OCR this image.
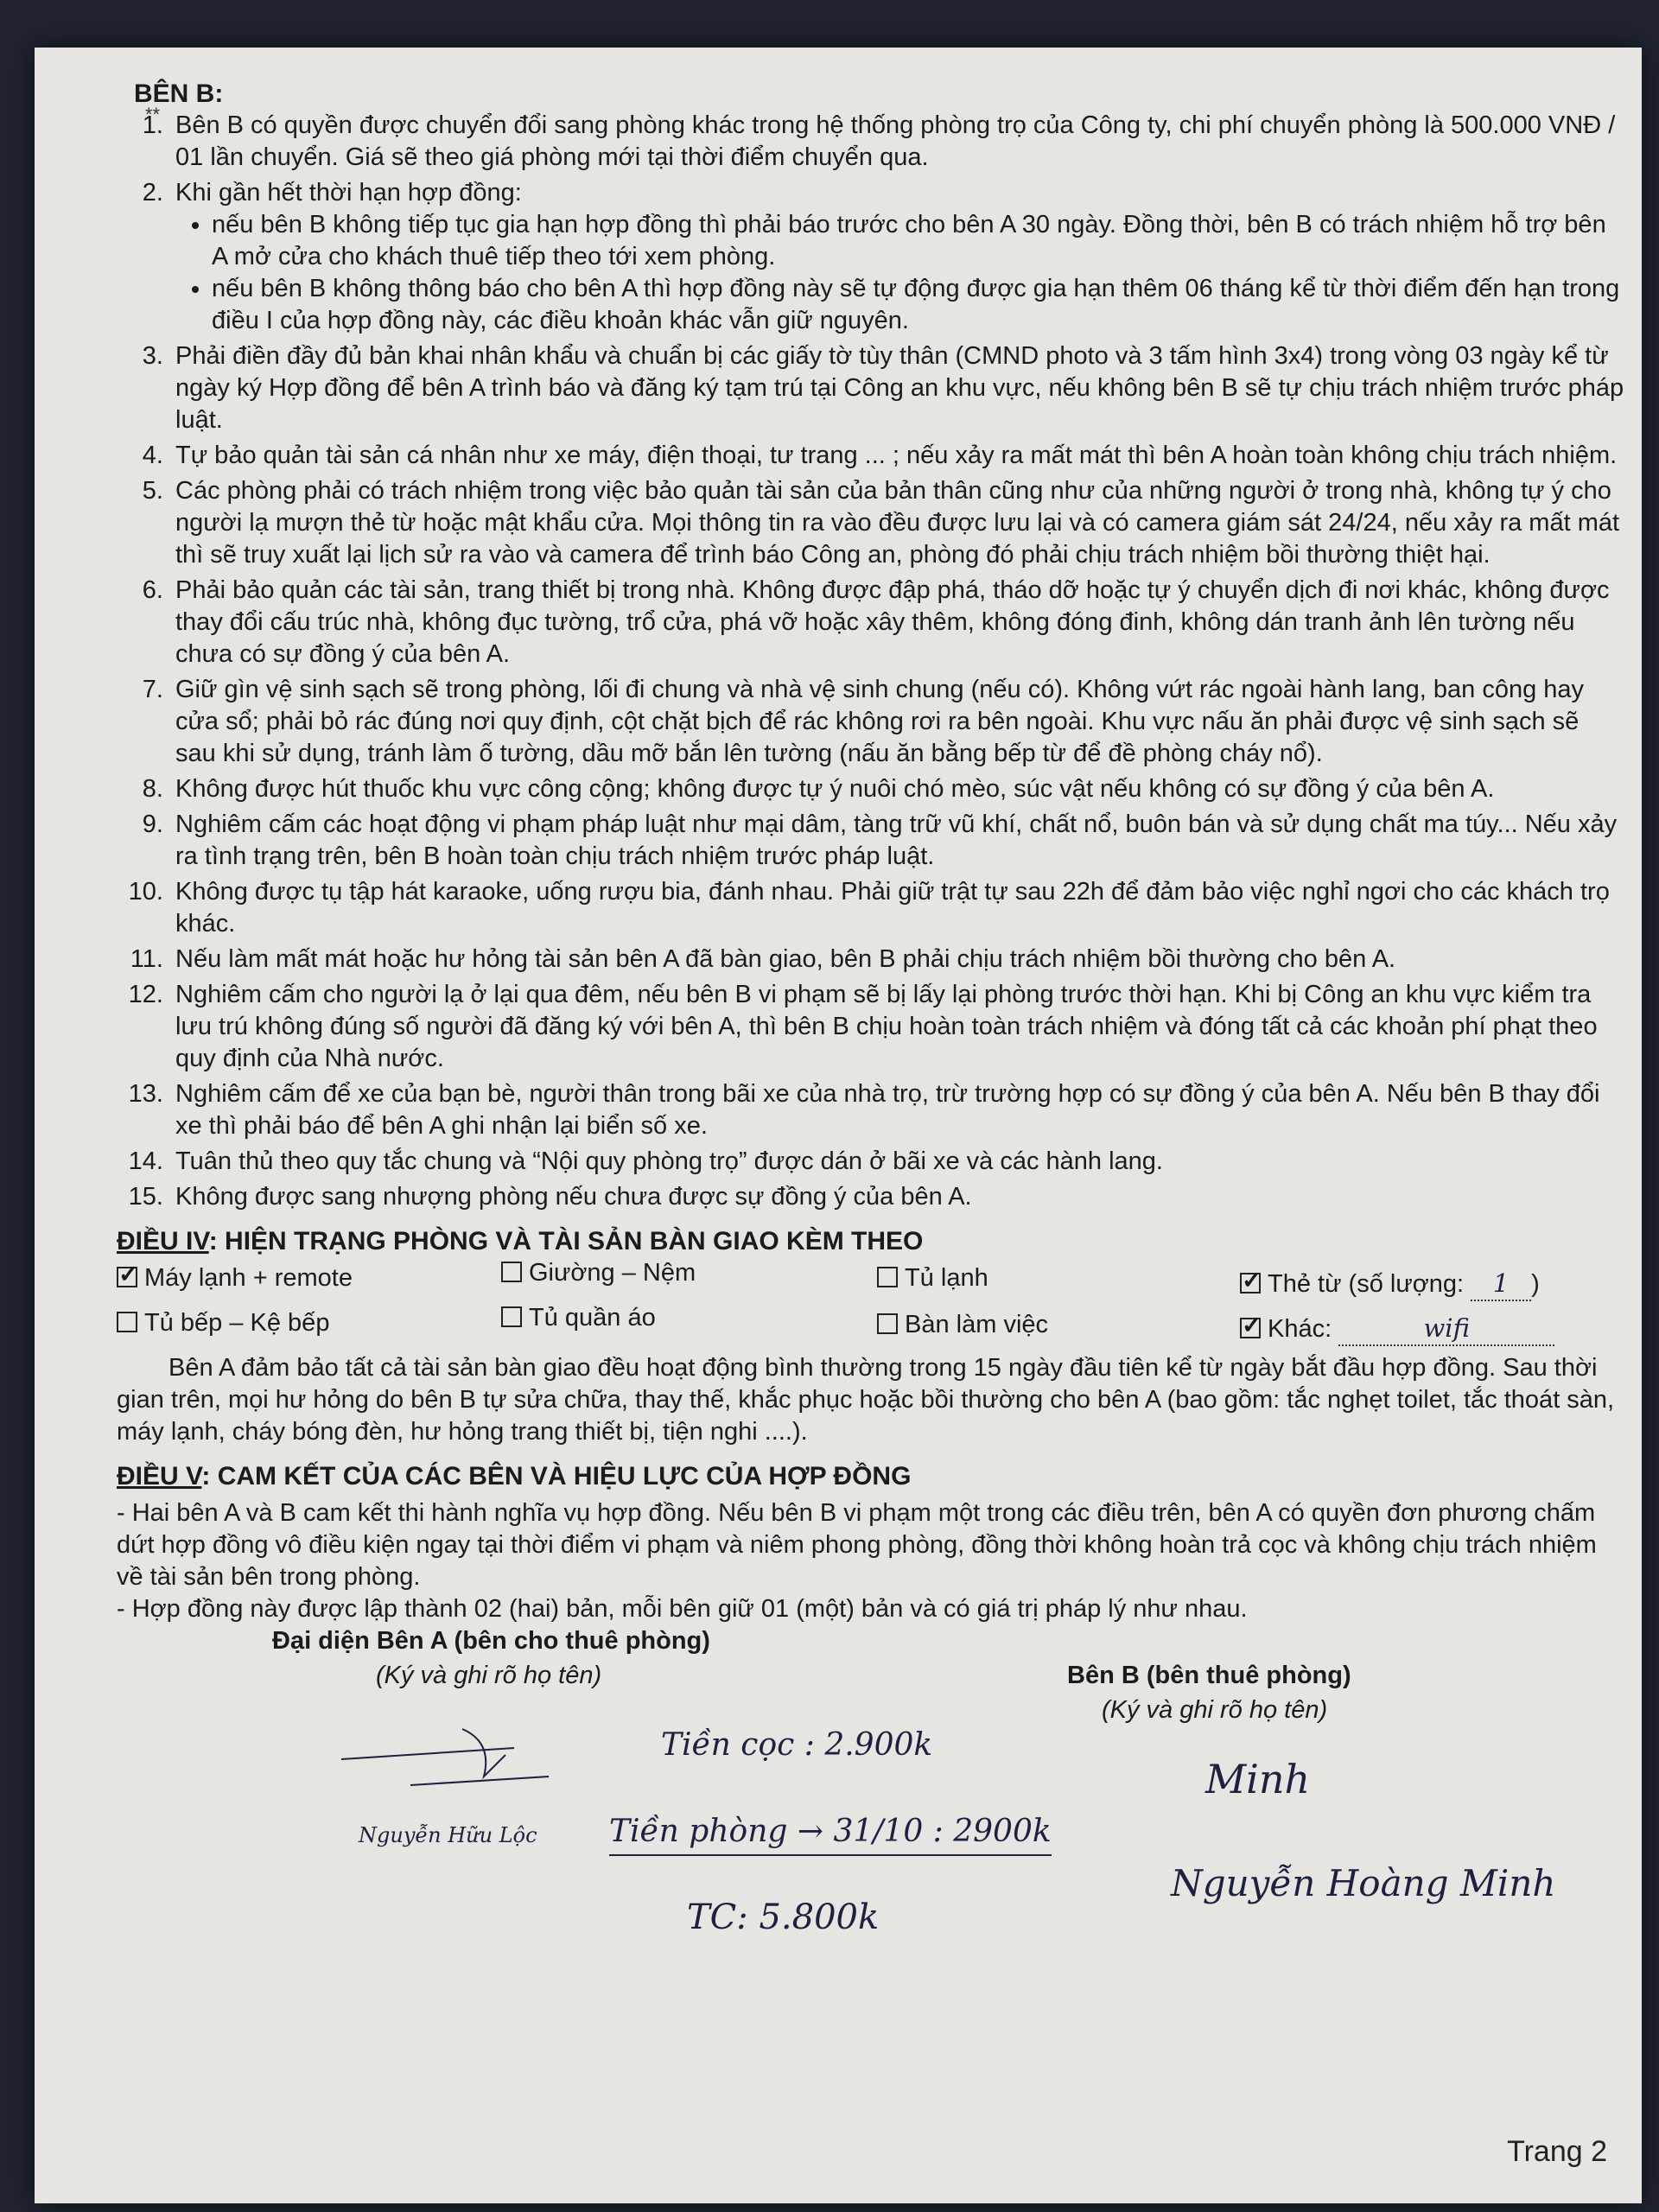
**
BÊN B:
1. Bên B có quyền được chuyển đổi sang phòng khác trong hệ thống phòng trọ của Công ty, chi phí chuyển phòng là 500.000 VNĐ / 01 lần chuyển. Giá sẽ theo giá phòng mới tại thời điểm chuyển qua.
2. Khi gần hết thời hạn hợp đồng:
• nếu bên B không tiếp tục gia hạn hợp đồng thì phải báo trước cho bên A 30 ngày. Đồng thời, bên B có trách nhiệm hỗ trợ bên A mở cửa cho khách thuê tiếp theo tới xem phòng.
• nếu bên B không thông báo cho bên A thì hợp đồng này sẽ tự động được gia hạn thêm 06 tháng kể từ thời điểm đến hạn trong điều I của hợp đồng này, các điều khoản khác vẫn giữ nguyên.
3. Phải điền đầy đủ bản khai nhân khẩu và chuẩn bị các giấy tờ tùy thân (CMND photo và 3 tấm hình 3x4) trong vòng 03 ngày kể từ ngày ký Hợp đồng để bên A trình báo và đăng ký tạm trú tại Công an khu vực, nếu không bên B sẽ tự chịu trách nhiệm trước pháp luật.
4. Tự bảo quản tài sản cá nhân như xe máy, điện thoại, tư trang ... ; nếu xảy ra mất mát thì bên A hoàn toàn không chịu trách nhiệm.
5. Các phòng phải có trách nhiệm trong việc bảo quản tài sản của bản thân cũng như của những người ở trong nhà, không tự ý cho người lạ mượn thẻ từ hoặc mật khẩu cửa. Mọi thông tin ra vào đều được lưu lại và có camera giám sát 24/24, nếu xảy ra mất mát thì sẽ truy xuất lại lịch sử ra vào và camera để trình báo Công an, phòng đó phải chịu trách nhiệm bồi thường thiệt hại.
6. Phải bảo quản các tài sản, trang thiết bị trong nhà. Không được đập phá, tháo dỡ hoặc tự ý chuyển dịch đi nơi khác, không được thay đổi cấu trúc nhà, không đục tường, trổ cửa, phá vỡ hoặc xây thêm, không đóng đinh, không dán tranh ảnh lên tường nếu chưa có sự đồng ý của bên A.
7. Giữ gìn vệ sinh sạch sẽ trong phòng, lối đi chung và nhà vệ sinh chung (nếu có). Không vứt rác ngoài hành lang, ban công hay cửa sổ; phải bỏ rác đúng nơi quy định, cột chặt bịch để rác không rơi ra bên ngoài. Khu vực nấu ăn phải được vệ sinh sạch sẽ sau khi sử dụng, tránh làm ố tường, dầu mỡ bắn lên tường (nấu ăn bằng bếp từ để đề phòng cháy nổ).
8. Không được hút thuốc khu vực công cộng; không được tự ý nuôi chó mèo, súc vật nếu không có sự đồng ý của bên A.
9. Nghiêm cấm các hoạt động vi phạm pháp luật như mại dâm, tàng trữ vũ khí, chất nổ, buôn bán và sử dụng chất ma túy... Nếu xảy ra tình trạng trên, bên B hoàn toàn chịu trách nhiệm trước pháp luật.
10. Không được tụ tập hát karaoke, uống rượu bia, đánh nhau. Phải giữ trật tự sau 22h để đảm bảo việc nghỉ ngơi cho các khách trọ khác.
11. Nếu làm mất mát hoặc hư hỏng tài sản bên A đã bàn giao, bên B phải chịu trách nhiệm bồi thường cho bên A.
12. Nghiêm cấm cho người lạ ở lại qua đêm, nếu bên B vi phạm sẽ bị lấy lại phòng trước thời hạn. Khi bị Công an khu vực kiểm tra lưu trú không đúng số người đã đăng ký với bên A, thì bên B chịu hoàn toàn trách nhiệm và đóng tất cả các khoản phí phạt theo quy định của Nhà nước.
13. Nghiêm cấm để xe của bạn bè, người thân trong bãi xe của nhà trọ, trừ trường hợp có sự đồng ý của bên A. Nếu bên B thay đổi xe thì phải báo để bên A ghi nhận lại biển số xe.
14. Tuân thủ theo quy tắc chung và “Nội quy phòng trọ” được dán ở bãi xe và các hành lang.
15. Không được sang nhượng phòng nếu chưa được sự đồng ý của bên A.
ĐIỀU IV: HIỆN TRẠNG PHÒNG VÀ TÀI SẢN BÀN GIAO KÈM THEO
✓Máy lạnh + remote	Giường – Nệm	Tủ lạnh ✓	Thẻ từ (số lượng: 1 )
Tủ bếp – Kệ bếp	Tủ quần áo	Bàn làm việc ✓	Khác:	wifi

Bên A đảm bảo tất cả tài sản bàn giao đều hoạt động bình thường trong 15 ngày đầu tiên kể từ ngày bắt đầu hợp đồng. Sau thời gian trên, mọi hư hỏng do bên B tự sửa chữa, thay thế, khắc phục hoặc bồi thường cho bên A (bao gồm: tắc nghẹt toilet, tắc thoát sàn, máy lạnh, cháy bóng đèn, hư hỏng trang thiết bị, tiện nghi ....).

ĐIỀU V: CAM KẾT CỦA CÁC BÊN VÀ HIỆU LỰC CỦA HỢP ĐỒNG

- Hai bên A và B cam kết thi hành nghĩa vụ hợp đồng. Nếu bên B vi phạm một trong các điều trên, bên A có quyền đơn phương chấm dứt hợp đồng vô điều kiện ngay tại thời điểm vi phạm và niêm phong phòng, đồng thời không hoàn trả cọc và không chịu trách nhiệm về tài sản bên trong phòng.

- Hợp đồng này được lập thành 02 (hai) bản, mỗi bên giữ 01 (một) bản và có giá trị pháp lý như nhau.

Đại diện Bên A (bên cho thuê phòng)
(Ký và ghi rõ họ tên)
Nguyễn Hữu Lộc
Tiền cọc : 2.900k
Tiền phòng → 31/10 : 2900k
TC: 5.800k
Bên B (bên thuê phòng)
(Ký và ghi rõ họ tên)
Minh
Nguyễn Hoàng Minh
Trang 2
